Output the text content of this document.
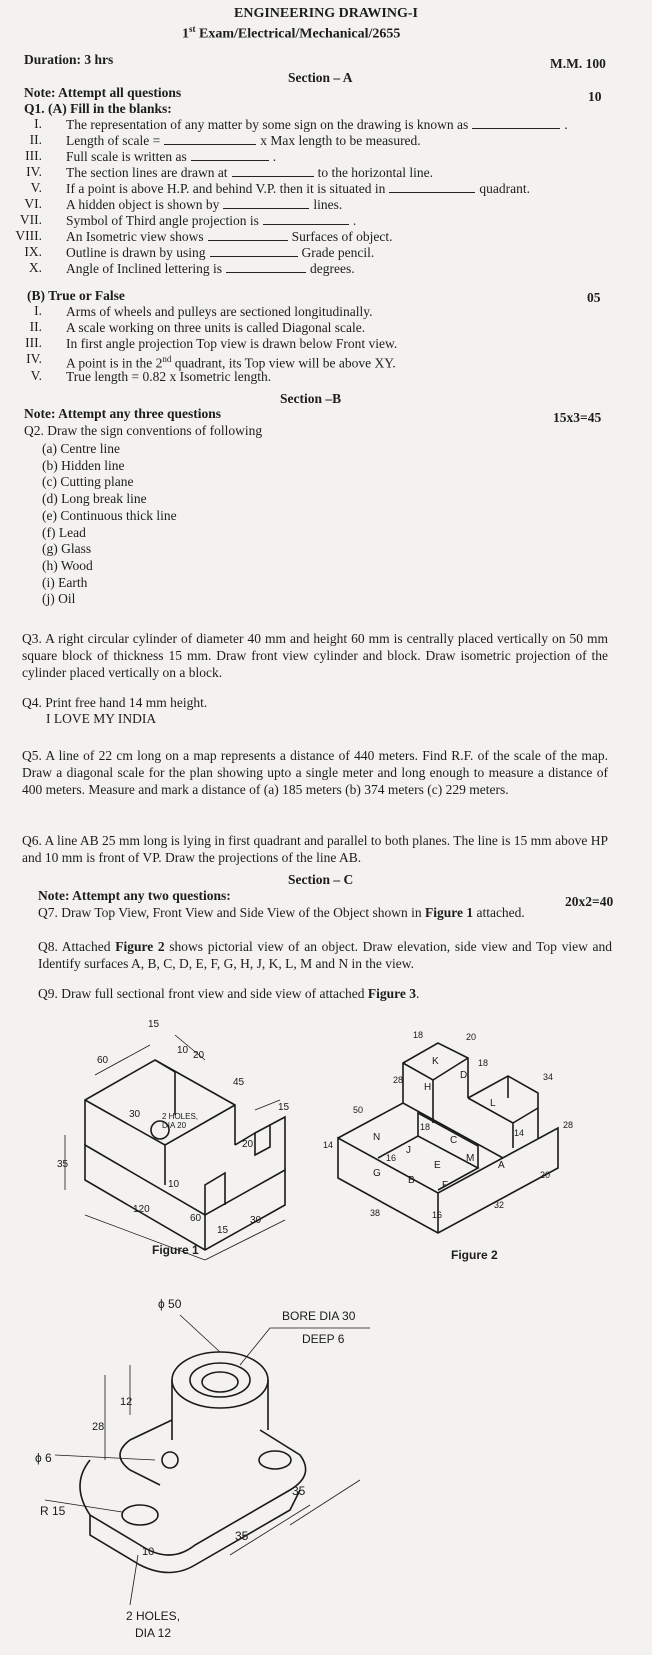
ENGINEERING DRAWING-I
1st Exam/Electrical/Mechanical/2655
Duration: 3 hrs	M.M. 100
Section – A
Note: Attempt all questions	10
Q1. (A) Fill in the blanks:
(B) True or False	05
Section –B
Note: Attempt any three questions	15x3=45
Q2. Draw the sign conventions of following
Q3. A right circular cylinder of diameter 40 mm and height 60 mm is centrally placed vertically on 50 mm square block of thickness 15 mm. Draw front view cylinder and block. Draw isometric projection of the cylinder placed vertically on a block.
Q4. Print free hand 14 mm height.
I LOVE MY INDIA
Q5. A line of 22 cm long on a map represents a distance of 440 meters. Find R.F. of the scale of the map. Draw a diagonal scale for the plan showing upto a single meter and long enough to measure a distance of 400 meters. Measure and mark a distance of (a) 185 meters (b) 374 meters (c) 229 meters.
Q6. A line AB 25 mm long is lying in first quadrant and parallel to both planes. The line is 15 mm above HP and 10 mm is front of VP. Draw the projections of the line AB.
Section – C
Note: Attempt any two questions:	20x2=40
Q7. Draw Top View, Front View and Side View of the Object shown in Figure 1 attached.
Q8. Attached Figure 2 shows pictorial view of an object. Draw elevation, side view and Top view and Identify surfaces A, B, C, D, E, F, G, H, J, K, L, M and N in the view.
Q9. Draw full sectional front view and side view of attached Figure 3.
15
60
10 20
45
15
35
30	2 HOLES,
DIA 20
20
10
120
60
15
30
Figure 1
18	20
K	18
28	D
H
34
L
50
18	28
14
C
N
J
16
E
M
A
14
20
G
B	F
38
32
16
Figure 2
ϕ 50
BORE DIA 30
DEEP 6
28
12
ϕ 6
R 15
10
35
35
2 HOLES,
DIA 12
I. The representation of any matter by some sign on the drawing is known as	.
II. Length of scale =	x Max length to be measured.
III. Full scale is written as	.
IV. The section lines are drawn at	to the horizontal line.
V. If a point is above H.P. and behind V.P. then it is situated in	quadrant.
VI. A hidden object is shown by	lines.
VII. Symbol of Third angle projection is	.
VIII. An Isometric view shows	Surfaces of object.
IX. Outline is drawn by using	Grade pencil.
X. Angle of Inclined lettering is	degrees.
I. Arms of wheels and pulleys are sectioned longitudinally.
II. A scale working on three units is called Diagonal scale.
III. In first angle projection Top view is drawn below Front view.
IV. A point is in the 2nd quadrant, its Top view will be above XY.
V. True length = 0.82 x Isometric length.
(a) Centre line
(b) Hidden line
(c) Cutting plane
(d) Long break line
(e) Continuous thick line
(f) Lead
(g) Glass
(h) Wood
(i) Earth
(j) Oil
